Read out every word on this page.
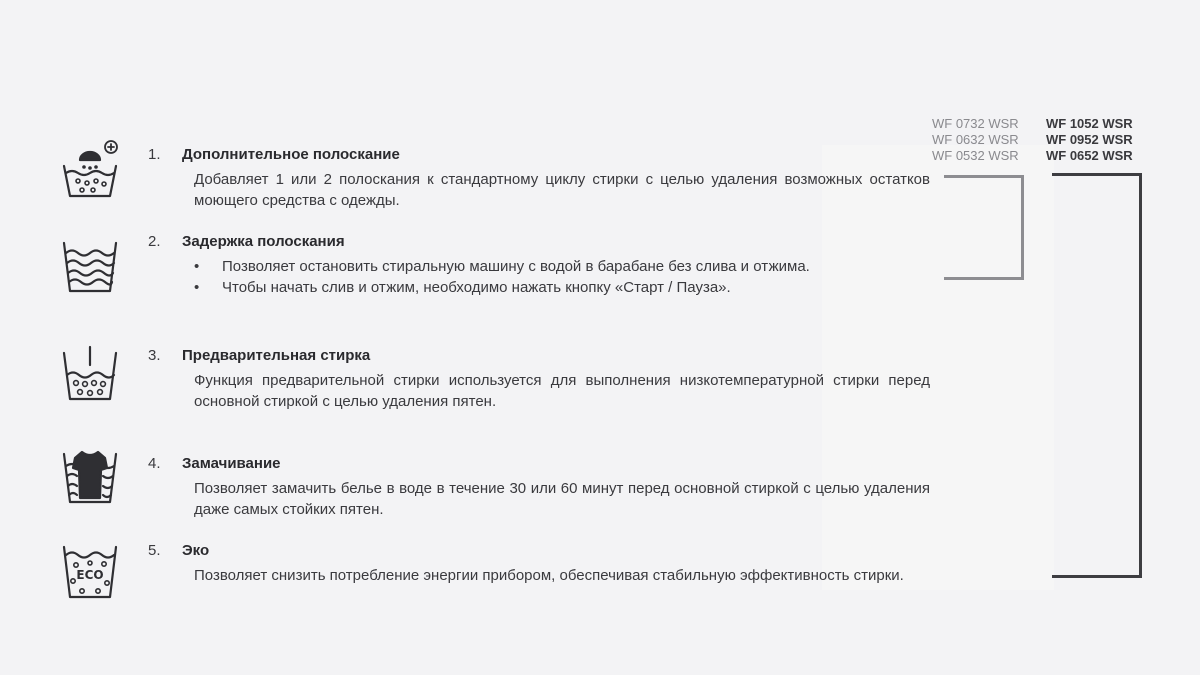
WF 0732 WSR
WF 0632 WSR
WF 0532 WSR
WF 1052 WSR
WF 0952 WSR
WF 0652 WSR
1. Дополнительное полоскание
Добавляет 1 или 2 полоскания к стандартному циклу стирки с целью удаления возможных остатков моющего средства с одежды.
2. Задержка полоскания
• Позволяет остановить стиральную машину с водой в барабане без слива и отжима.
• Чтобы начать слив и отжим, необходимо нажать кнопку «Старт / Пауза».
3. Предварительная стирка
Функция предварительной стирки используется для выполнения низкотемпературной стирки перед основной стиркой с целью удаления пятен.
4. Замачивание
Позволяет замачить белье в воде в течение 30 или 60 минут перед основной стиркой с целью удаления даже самых стойких пятен.
ECO
5. Эко
Позволяет снизить потребление энергии прибором, обеспечивая стабильную эффективность стирки.
